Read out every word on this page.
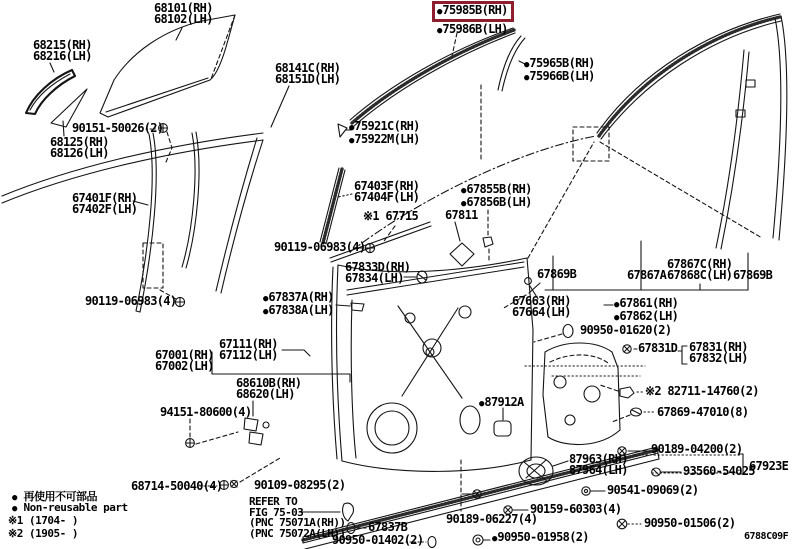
68101(RH)
68102(LH)
68215(RH)
68216(LH)
90151-50026(2)
68125(RH)
68126(LH)
67401F(RH)
67402F(LH)
90119-06983(4)
68141C(RH)
68151D(LH)
●75985B(RH)
●75986B(LH)
●75965B(RH)
●75966B(LH)
●75921C(RH)
●75922M(LH)
67403F(RH)
67404F(LH)
※1 67715
90119-06983(4)
●67855B(RH)
●67856B(LH)
67811
67833D(RH)
67834(LH)
●67837A(RH)
●67838A(LH)
67869B	67867A
67867C(RH)
67868C(LH) 67869B
67663(RH)
67664(LH)	●67861(RH)
●67862(LH)
90950-01620(2)
67831D 67831(RH)
67832(LH)
67111(RH)
67112(LH)
67001(RH)
67002(LH)
68610B(RH)
68620(LH)
94151-80600(4)
※2 82711-14760(2)
67869-47010(8)
●87912A
90189-04200(2)
87963(RH)
87964(LH)	93560-54025
67923E
90541-09069(2)
90950-01506(2)
68714-50040(4)	90109-08295(2)
REFER TO
FIG 75-03
(PNC 75071A(RH))
(PNC 75072A(LH)) 67837B
90950-01402(2)
90189-06227(4)
●90950-01958(2)
90159-60303(4)
● 再使用不可部品
● Non-reusable part
※1 (1704- )
※2 (1905- )	6788C09F
